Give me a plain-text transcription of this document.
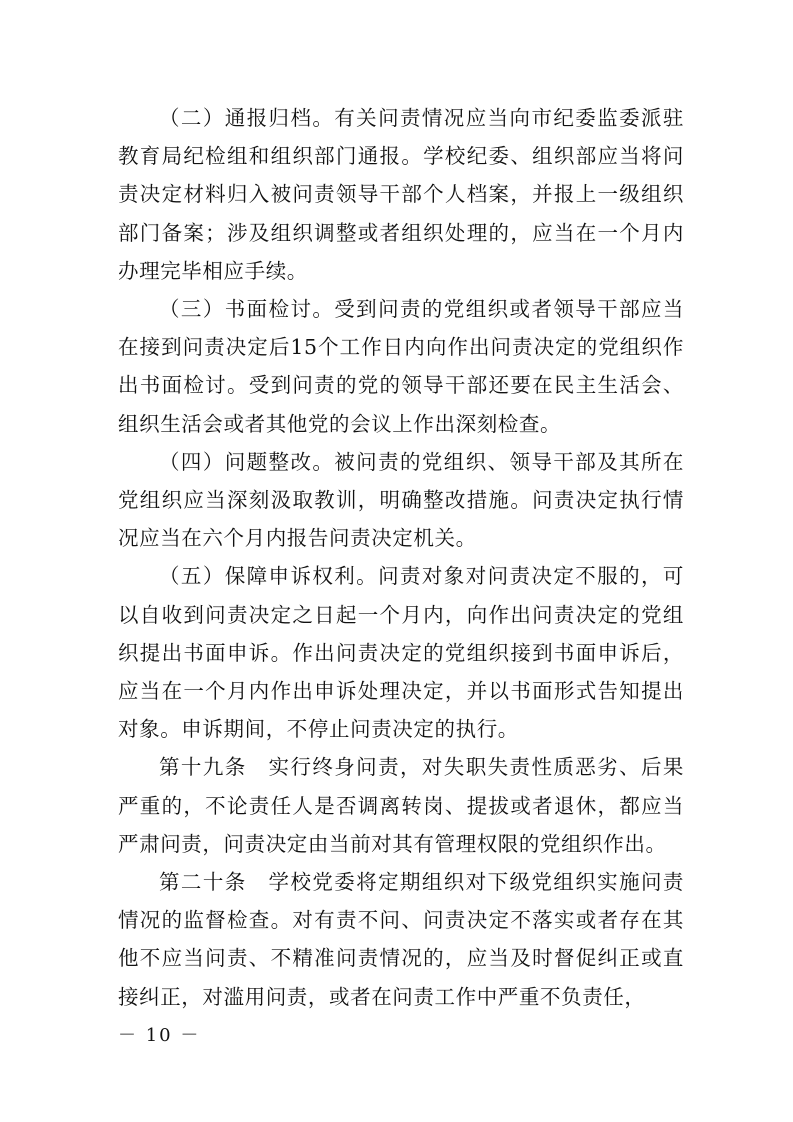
（二）通报归档。有关问责情况应当向市纪委监委派驻教育局纪检组和组织部门通报。学校纪委、组织部应当将问责决定材料归入被问责领导干部个人档案，并报上一级组织部门备案；涉及组织调整或者组织处理的，应当在一个月内办理完毕相应手续。

（三）书面检讨。受到问责的党组织或者领导干部应当在接到问责决定后15个工作日内向作出问责决定的党组织作出书面检讨。受到问责的党的领导干部还要在民主生活会、组织生活会或者其他党的会议上作出深刻检查。

（四）问题整改。被问责的党组织、领导干部及其所在党组织应当深刻汲取教训，明确整改措施。问责决定执行情况应当在六个月内报告问责决定机关。

（五）保障申诉权利。问责对象对问责决定不服的，可以自收到问责决定之日起一个月内，向作出问责决定的党组织提出书面申诉。作出问责决定的党组织接到书面申诉后，应当在一个月内作出申诉处理决定，并以书面形式告知提出对象。申诉期间，不停止问责决定的执行。

第十九条　实行终身问责，对失职失责性质恶劣、后果严重的，不论责任人是否调离转岗、提拔或者退休，都应当严肃问责，问责决定由当前对其有管理权限的党组织作出。

第二十条　学校党委将定期组织对下级党组织实施问责情况的监督检查。对有责不问、问责决定不落实或者存在其他不应当问责、不精准问责情况的，应当及时督促纠正或直接纠正，对滥用问责，或者在问责工作中严重不负责任，

－ 10 －
